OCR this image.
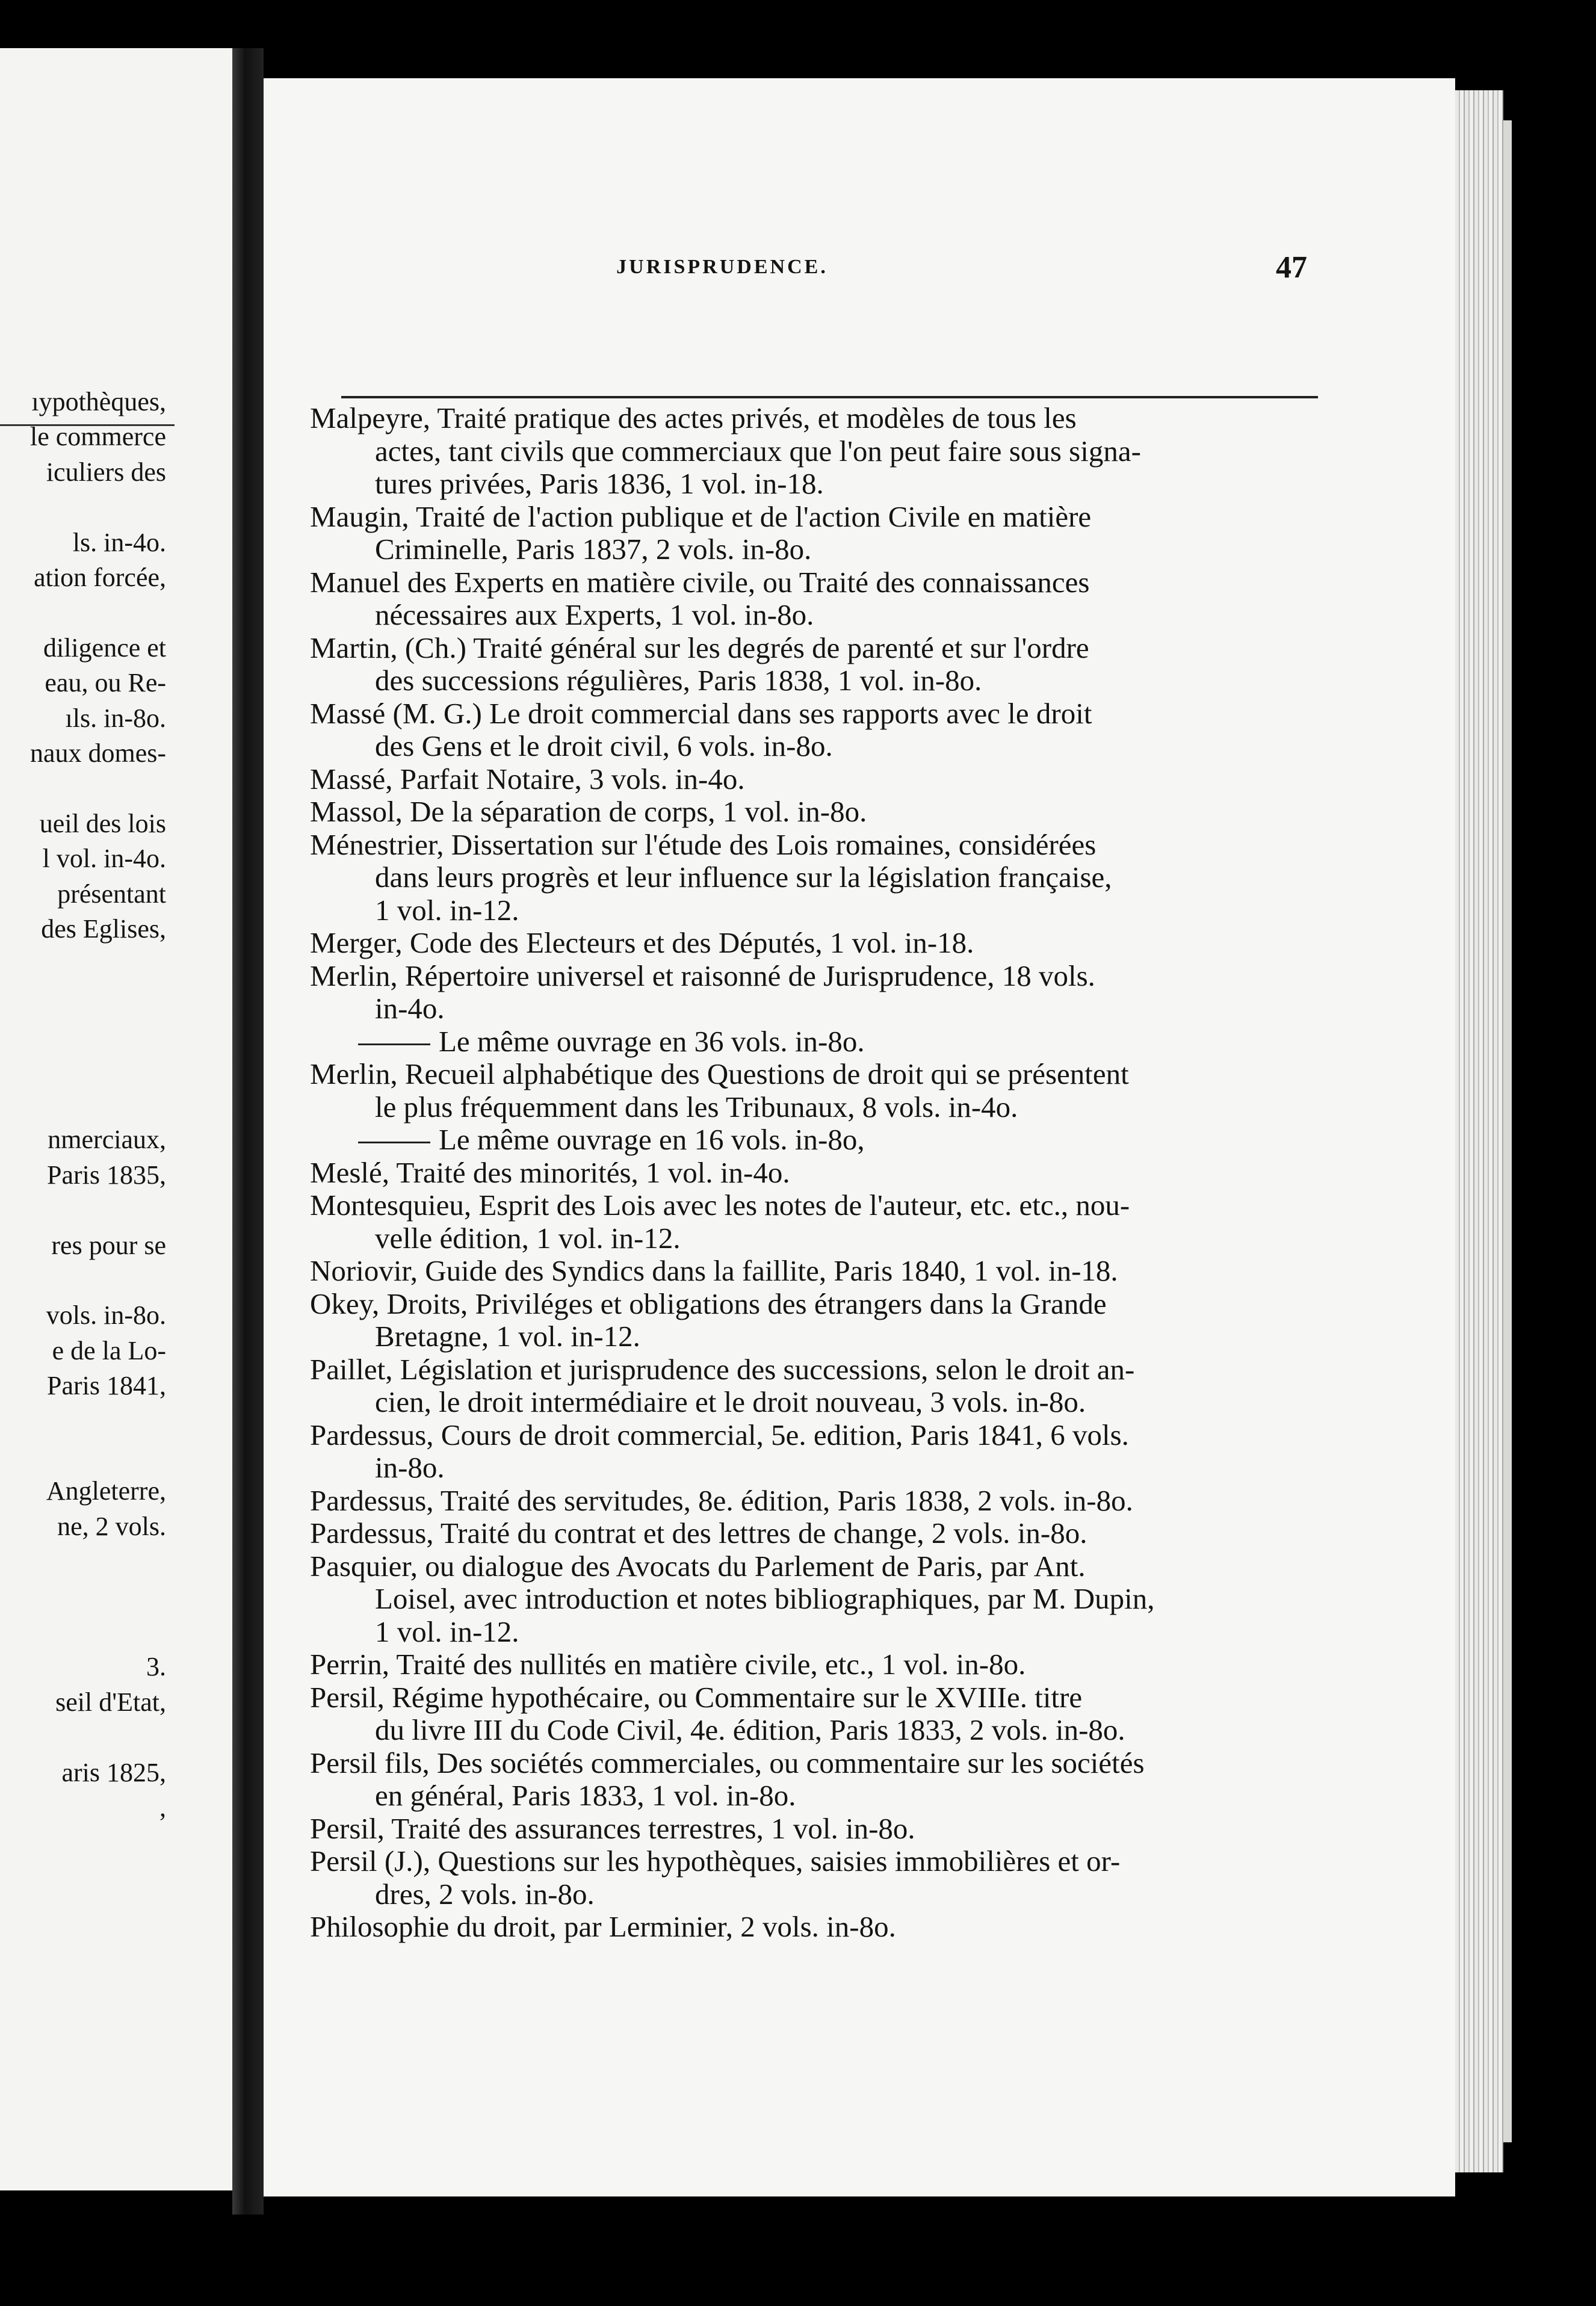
ıypothèques,
le commerce
iculiers des
ls. in-4o.
ation forcée,
diligence et
eau, ou Re-
ıls. in-8o.
naux domes-
ueil des lois
l vol. in-4o.
présentant
des Eglises,
nmerciaux,
Paris 1835,
res pour se
vols. in-8o.
e de la Lo-
Paris 1841,
Angleterre,
ne, 2 vols.
3.
seil d'Etat,
aris 1825,
,
JURISPRUDENCE.	47
Malpeyre, Traité pratique des actes privés, et modèles de tous les
actes, tant civils que commerciaux que l'on peut faire sous signa-
tures privées, Paris 1836, 1 vol. in-18.
Maugin, Traité de l'action publique et de l'action Civile en matière
Criminelle, Paris 1837, 2 vols. in-8o.
Manuel des Experts en matière civile, ou Traité des connaissances
nécessaires aux Experts, 1 vol. in-8o.
Martin, (Ch.) Traité général sur les degrés de parenté et sur l'ordre
des successions régulières, Paris 1838, 1 vol. in-8o.
Massé (M. G.) Le droit commercial dans ses rapports avec le droit
des Gens et le droit civil, 6 vols. in-8o.
Massé, Parfait Notaire, 3 vols. in-4o.
Massol, De la séparation de corps, 1 vol. in-8o.
Ménestrier, Dissertation sur l'étude des Lois romaines, considérées
dans leurs progrès et leur influence sur la législation française,
1 vol. in-12.
Merger, Code des Electeurs et des Députés, 1 vol. in-18.
Merlin, Répertoire universel et raisonné de Jurisprudence, 18 vols.
in-4o.
Le même ouvrage en 36 vols. in-8o.
Merlin, Recueil alphabétique des Questions de droit qui se présentent
le plus fréquemment dans les Tribunaux, 8 vols. in-4o.
Le même ouvrage en 16 vols. in-8o,
Meslé, Traité des minorités, 1 vol. in-4o.
Montesquieu, Esprit des Lois avec les notes de l'auteur, etc. etc., nou-
velle édition, 1 vol. in-12.
Noriovir, Guide des Syndics dans la faillite, Paris 1840, 1 vol. in-18.
Okey, Droits, Priviléges et obligations des étrangers dans la Grande
Bretagne, 1 vol. in-12.
Paillet, Législation et jurisprudence des successions, selon le droit an-
cien, le droit intermédiaire et le droit nouveau, 3 vols. in-8o.
Pardessus, Cours de droit commercial, 5e. edition, Paris 1841, 6 vols.
in-8o.
Pardessus, Traité des servitudes, 8e. édition, Paris 1838, 2 vols. in-8o.
Pardessus, Traité du contrat et des lettres de change, 2 vols. in-8o.
Pasquier, ou dialogue des Avocats du Parlement de Paris, par Ant.
Loisel, avec introduction et notes bibliographiques, par M. Dupin,
1 vol. in-12.
Perrin, Traité des nullités en matière civile, etc., 1 vol. in-8o.
Persil, Régime hypothécaire, ou Commentaire sur le XVIIIe. titre
du livre III du Code Civil, 4e. édition, Paris 1833, 2 vols. in-8o.
Persil fils, Des sociétés commerciales, ou commentaire sur les sociétés
en général, Paris 1833, 1 vol. in-8o.
Persil, Traité des assurances terrestres, 1 vol. in-8o.
Persil (J.), Questions sur les hypothèques, saisies immobilières et or-
dres, 2 vols. in-8o.
Philosophie du droit, par Lerminier, 2 vols. in-8o.
